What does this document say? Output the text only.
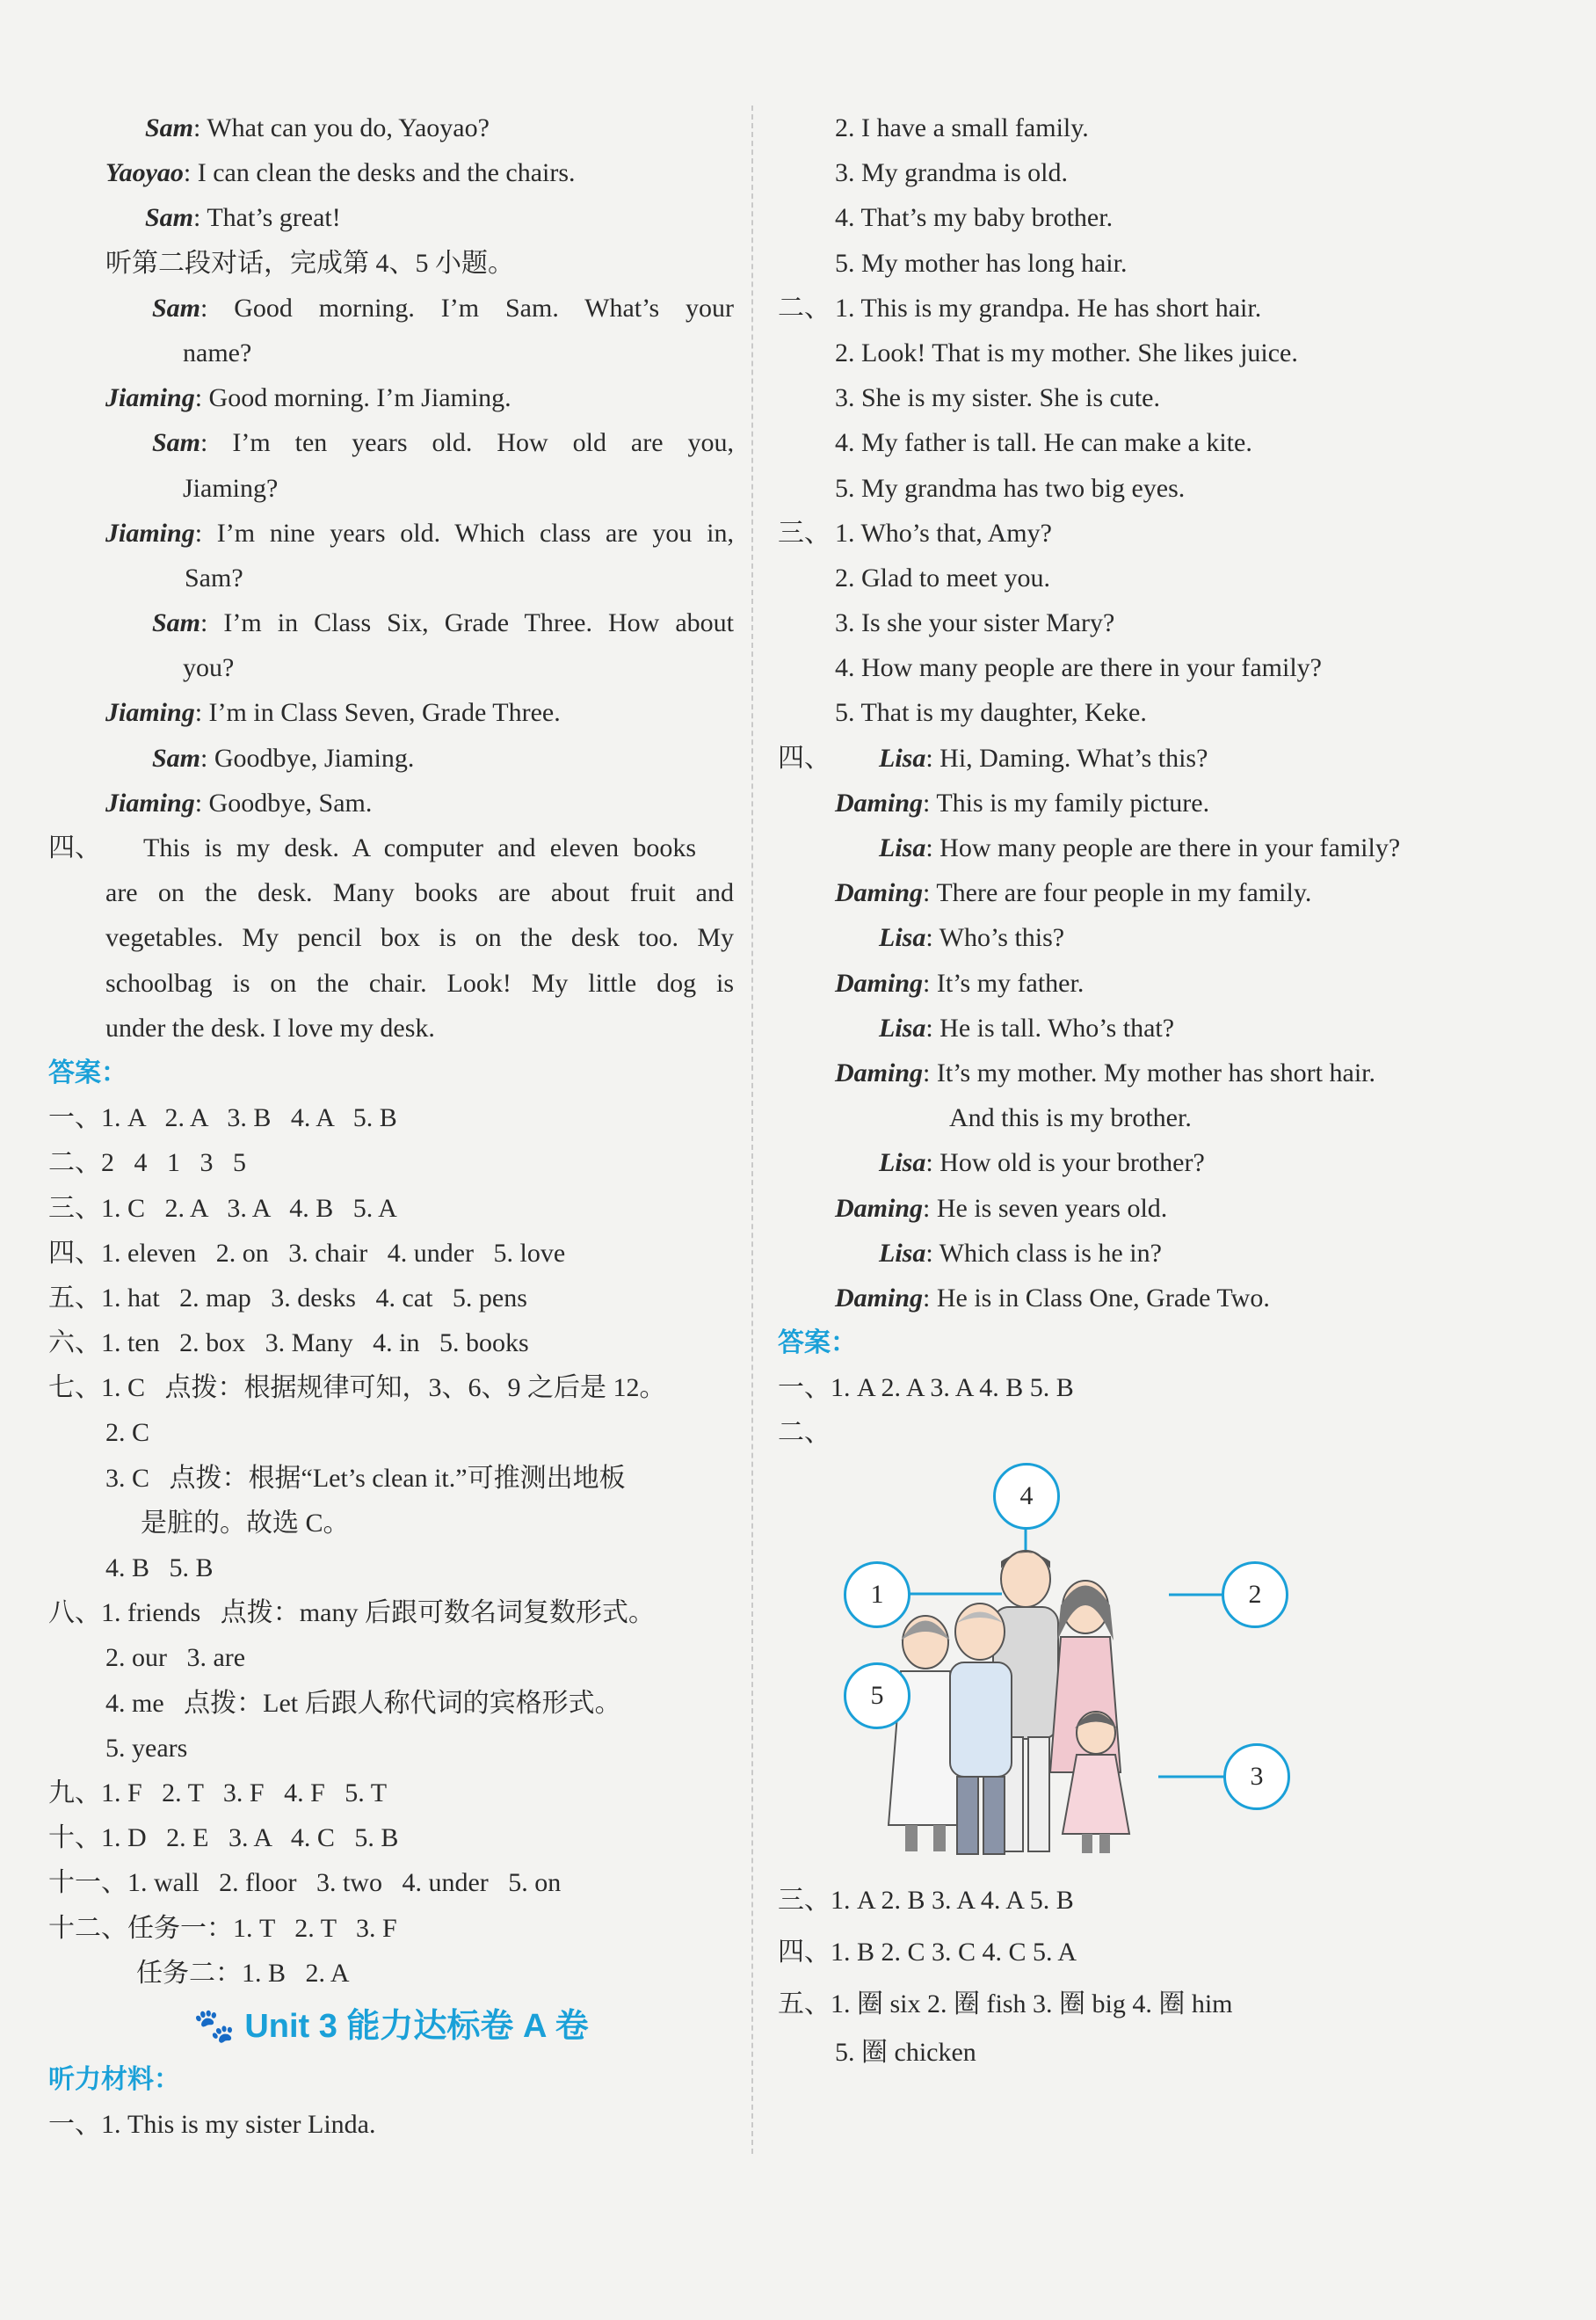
Sam: What can you do, Yaoyao?
Yaoyao: I can clean the desks and the chairs.
Sam: That’s great!
听第二段对话，完成第 4、5 小题。
Sam: Good morning. I’m Sam. What’s your
name?
Jiaming: Good morning. I’m Jiaming.
Sam: I’m ten years old. How old are you,
Jiaming?
Jiaming: I’m nine years old. Which class are you in,
Sam?
Sam: I’m in Class Six, Grade Three. How about
you?
Jiaming: I’m in Class Seven, Grade Three.
Sam: Goodbye, Jiaming.
Jiaming: Goodbye, Sam.
四、 This is my desk. A computer and eleven books
are on the desk. Many books are about fruit and
vegetables. My pencil box is on the desk too. My
schoolbag is on the chair. Look! My little dog is
under the desk. I love my desk.
答案：
一、1. A   2. A   3. B   4. A   5. B
二、2   4   1   3   5
三、1. C   2. A   3. A   4. B   5. A
四、1. eleven   2. on   3. chair   4. under   5. love
五、1. hat   2. map   3. desks   4. cat   5. pens
六、1. ten   2. box   3. Many   4. in   5. books
七、1. C   点拨：根据规律可知，3、6、9 之后是 12。
2. C
3. C   点拨：根据“Let’s clean it.”可推测出地板
是脏的。故选 C。
4. B   5. B
八、1. friends   点拨：many 后跟可数名词复数形式。
2. our   3. are
4. me   点拨：Let 后跟人称代词的宾格形式。
5. years
九、1. F   2. T   3. F   4. F   5. T
十、1. D   2. E   3. A   4. C   5. B
十一、1. wall   2. floor   3. two   4. under   5. on
十二、任务一：1. T   2. T   3. F
任务二：1. B   2. A
🐾 Unit 3 能力达标卷 A 卷
听力材料：
一、1. This is my sister Linda.
2. I have a small family.
3. My grandma is old.
4. That’s my baby brother.
5. My mother has long hair.
二、 1. This is my grandpa. He has short hair.
2. Look! That is my mother. She likes juice.
3. She is my sister. She is cute.
4. My father is tall. He can make a kite.
5. My grandma has two big eyes.
三、 1. Who’s that, Amy?
2. Glad to meet you.
3. Is she your sister Mary?
4. How many people are there in your family?
5. That is my daughter, Keke.
四、 Lisa: Hi, Daming. What’s this?
Daming: This is my family picture.
Lisa: How many people are there in your family?
Daming: There are four people in my family.
Lisa: Who’s this?
Daming: It’s my father.
Lisa: He is tall. Who’s that?
Daming: It’s my mother. My mother has short hair.
And this is my brother.
Lisa: How old is your brother?
Daming: He is seven years old.
Lisa: Which class is he in?
Daming: He is in Class One, Grade Two.
答案：
一、1. A 2. A 3. A 4. B 5. B
二、
4
1	2
5
3
三、1. A 2. B 3. A 4. A 5. B
四、1. B 2. C 3. C 4. C 5. A
五、1. 圈 six 2. 圈 fish 3. 圈 big 4. 圈 him
5. 圈 chicken
